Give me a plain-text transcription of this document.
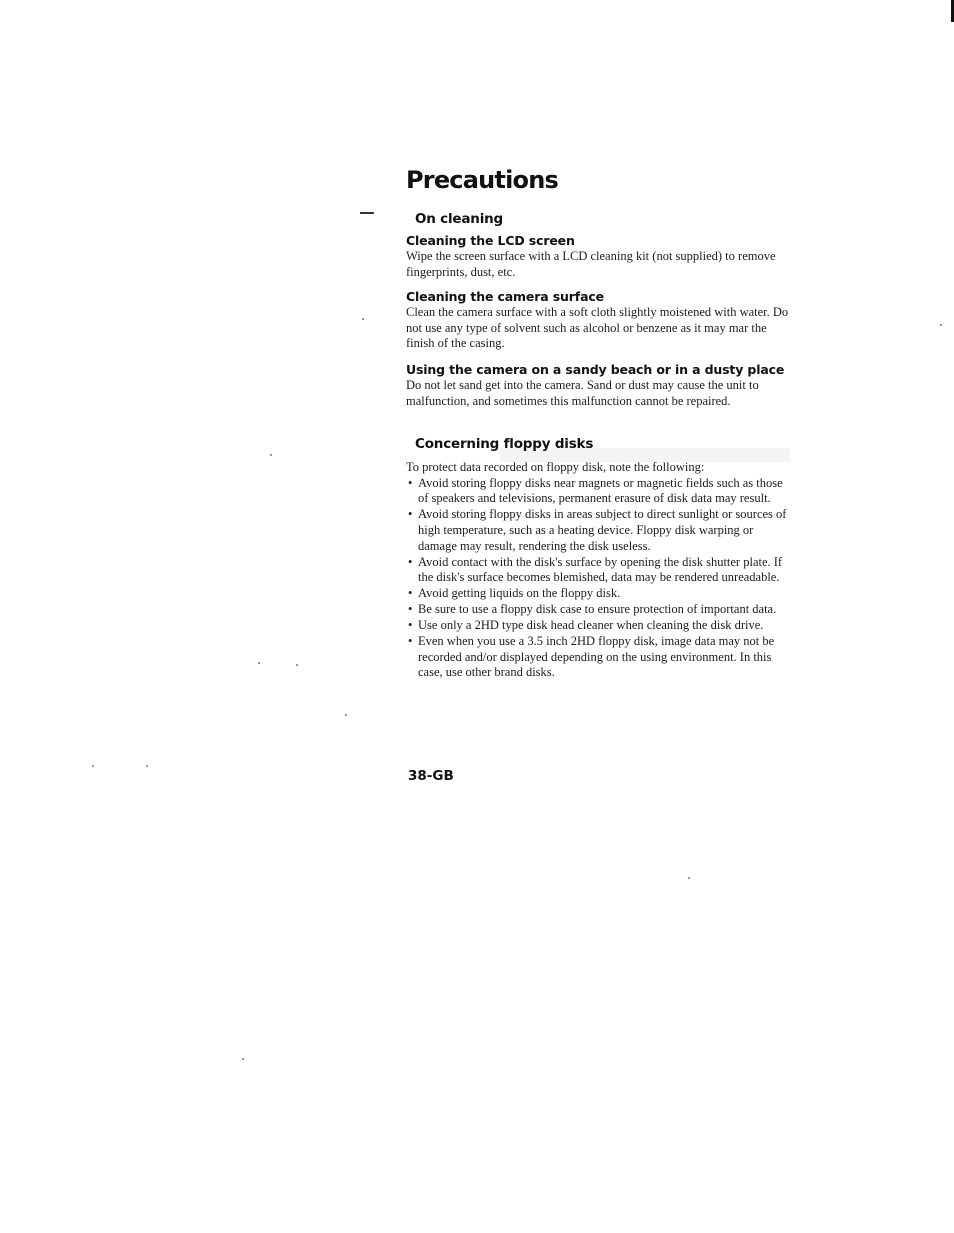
Precautions
On cleaning
Cleaning the LCD screen

Wipe the screen surface with a LCD cleaning kit (not supplied) to remove fingerprints, dust, etc.

Cleaning the camera surface

Clean the camera surface with a soft cloth slightly moistened with water. Do not use any type of solvent such as alcohol or benzene as it may mar the finish of the casing.

Using the camera on a sandy beach or in a dusty place

Do not let sand get into the camera. Sand or dust may cause the unit to malfunction, and sometimes this malfunction cannot be repaired.

Concerning floppy disks

To protect data recorded on floppy disk, note the following:

• Avoid storing floppy disks near magnets or magnetic fields such as those of speakers and televisions, permanent erasure of disk data may result.
• Avoid storing floppy disks in areas subject to direct sunlight or sources of high temperature, such as a heating device. Floppy disk warping or damage may result, rendering the disk useless.
• Avoid contact with the disk's surface by opening the disk shutter plate. If the disk's surface becomes blemished, data may be rendered unreadable.
• Avoid getting liquids on the floppy disk.
• Be sure to use a floppy disk case to ensure protection of important data.
• Use only a 2HD type disk head cleaner when cleaning the disk drive.
• Even when you use a 3.5 inch 2HD floppy disk, image data may not be recorded and/or displayed depending on the using environment. In this case, use other brand disks.
38-GB
